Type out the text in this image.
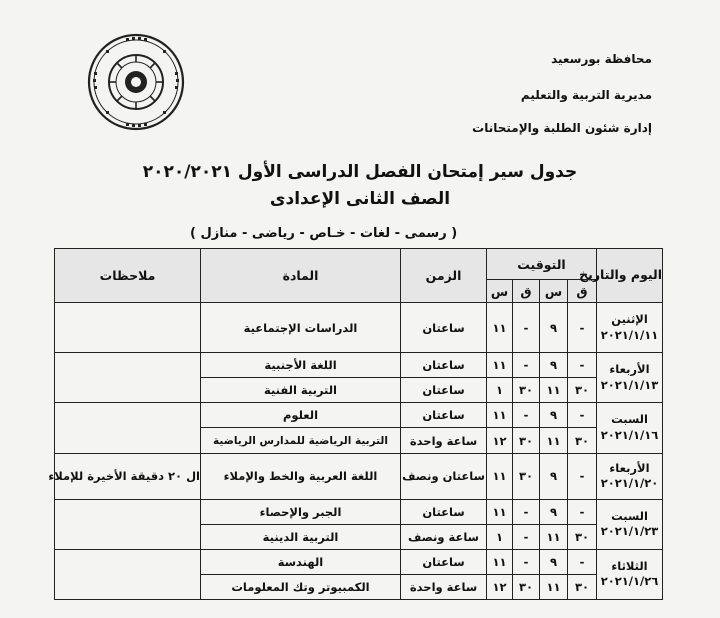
محافظة بورسعيد
مديرية التربية والتعليم
إدارة شئون الطلبة والإمتحانات
جدول سير إمتحان الفصل الدراسى الأول ٢٠٢٠/٢٠٢١
الصف الثانى الإعدادى
( رسمى - لغات - خـاص - رياضى - منازل )
اليوم والتاريخ	التوقيت				الزمن	المادة	ملاحظات
	ق	س	ق	س			

الإثنين
٢٠٢١/١/١١	-	٩	-	١١	ساعتان	الدراسات الإجتماعية	

الأربعاء
٢٠٢١/١/١٣	-	٩	-	١١	ساعتان	اللغة الأجنبية	
	٣٠	١١	٣٠	١	ساعتان	التربية الفنية	

السبت
٢٠٢١/١/١٦	-	٩	-	١١	ساعتان	العلوم	
	٣٠	١١	٣٠	١٢	ساعة واحدة	التربية الرياضية للمدارس الرياضية	

الأربعاء
٢٠٢١/١/٢٠	-	٩	٣٠	١١	ساعتان ونصف	اللغة العربية والخط والإملاء	ال ٢٠ دقيقة الأخيرة للإملاء

السبت
٢٠٢١/١/٢٣	-	٩	-	١١	ساعتان	الجبر والإحصاء	
	٣٠	١١	-	١	ساعة ونصف	التربية الدينية	

الثلاثاء
٢٠٢١/١/٢٦	-	٩	-	١١	ساعتان	الهندسة	
	٣٠	١١	٣٠	١٢	ساعة واحدة	الكمبيوتر وتك المعلومات	
